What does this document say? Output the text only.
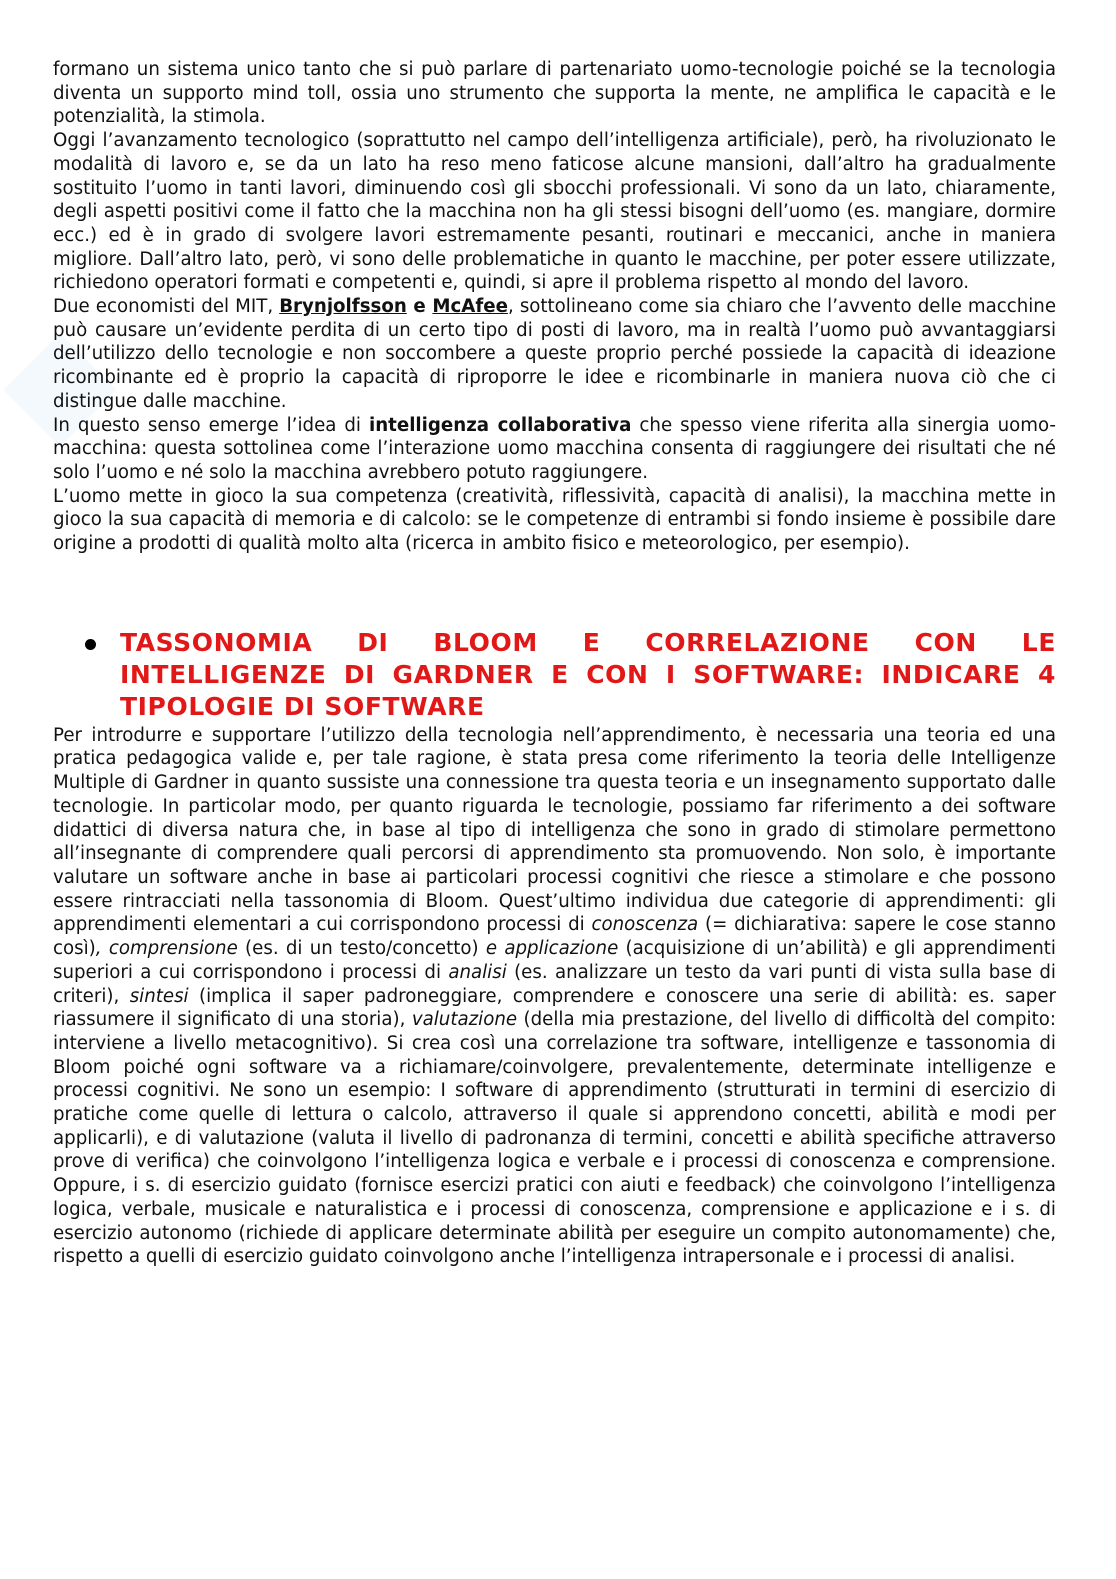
formano un sistema unico tanto che si può parlare di partenariato uomo-tecnologie poiché se la tecnologia diventa un supporto mind toll, ossia uno strumento che supporta la mente, ne amplifica le capacità e le potenzialità, la stimola.

Oggi l’avanzamento tecnologico (soprattutto nel campo dell’intelligenza artificiale), però, ha rivoluzionato le modalità di lavoro e, se da un lato ha reso meno faticose alcune mansioni, dall’altro ha gradualmente sostituito l’uomo in tanti lavori, diminuendo così gli sbocchi professionali. Vi sono da un lato, chiaramente, degli aspetti positivi come il fatto che la macchina non ha gli stessi bisogni dell’uomo (es. mangiare, dormire ecc.) ed è in grado di svolgere lavori estremamente pesanti, routinari e meccanici, anche in maniera migliore. Dall’altro lato, però, vi sono delle problematiche in quanto le macchine, per poter essere utilizzate, richiedono operatori formati e competenti e, quindi, si apre il problema rispetto al mondo del lavoro.

Due economisti del MIT, Brynjolfsson e McAfee, sottolineano come sia chiaro che l’avvento delle macchine può causare un’evidente perdita di un certo tipo di posti di lavoro, ma in realtà l’uomo può avvantaggiarsi dell’utilizzo dello tecnologie e non soccombere a queste proprio perché possiede la capacità di ideazione ricombinante ed è proprio la capacità di riproporre le idee e ricombinarle in maniera nuova ciò che ci distingue dalle macchine.

In questo senso emerge l’idea di intelligenza collaborativa che spesso viene riferita alla sinergia uomo-macchina: questa sottolinea come l’interazione uomo macchina consenta di raggiungere dei risultati che né solo l’uomo e né solo la macchina avrebbero potuto raggiungere.

L’uomo mette in gioco la sua competenza (creatività, riflessività, capacità di analisi), la macchina mette in gioco la sua capacità di memoria e di calcolo: se le competenze di entrambi si fondo insieme è possibile dare origine a prodotti di qualità molto alta (ricerca in ambito fisico e meteorologico, per esempio).

TASSONOMIA DI BLOOM E CORRELAZIONE CON LE INTELLIGENZE DI GARDNER E CON I SOFTWARE: INDICARE 4 TIPOLOGIE DI SOFTWARE

Per introdurre e supportare l’utilizzo della tecnologia nell’apprendimento, è necessaria una teoria ed una pratica pedagogica valide e, per tale ragione, è stata presa come riferimento la teoria delle Intelligenze Multiple di Gardner in quanto sussiste una connessione tra questa teoria e un insegnamento supportato dalle tecnologie. In particolar modo, per quanto riguarda le tecnologie, possiamo far riferimento a dei software didattici di diversa natura che, in base al tipo di intelligenza che sono in grado di stimolare permettono all’insegnante di comprendere quali percorsi di apprendimento sta promuovendo. Non solo, è importante valutare un software anche in base ai particolari processi cognitivi che riesce a stimolare e che possono essere rintracciati nella tassonomia di Bloom. Quest’ultimo individua due categorie di apprendimenti: gli apprendimenti elementari a cui corrispondono processi di conoscenza (= dichiarativa: sapere le cose stanno così), comprensione (es. di un testo/concetto) e applicazione (acquisizione di un’abilità) e gli apprendimenti superiori a cui corrispondono i processi di analisi (es. analizzare un testo da vari punti di vista sulla base di criteri), sintesi (implica il saper padroneggiare, comprendere e conoscere una serie di abilità: es. saper riassumere il significato di una storia), valutazione (della mia prestazione, del livello di difficoltà del compito: interviene a livello metacognitivo). Si crea così una correlazione tra software, intelligenze e tassonomia di Bloom poiché ogni software va a richiamare/coinvolgere, prevalentemente, determinate intelligenze e processi cognitivi. Ne sono un esempio: I software di apprendimento (strutturati in termini di esercizio di pratiche come quelle di lettura o calcolo, attraverso il quale si apprendono concetti, abilità e modi per applicarli), e di valutazione (valuta il livello di padronanza di termini, concetti e abilità specifiche attraverso prove di verifica) che coinvolgono l’intelligenza logica e verbale e i processi di conoscenza e comprensione. Oppure, i s. di esercizio guidato (fornisce esercizi pratici con aiuti e feedback) che coinvolgono l’intelligenza logica, verbale, musicale e naturalistica e i processi di conoscenza, comprensione e applicazione e i s. di esercizio autonomo (richiede di applicare determinate abilità per eseguire un compito autonomamente) che, rispetto a quelli di esercizio guidato coinvolgono anche l’intelligenza intrapersonale e i processi di analisi.
